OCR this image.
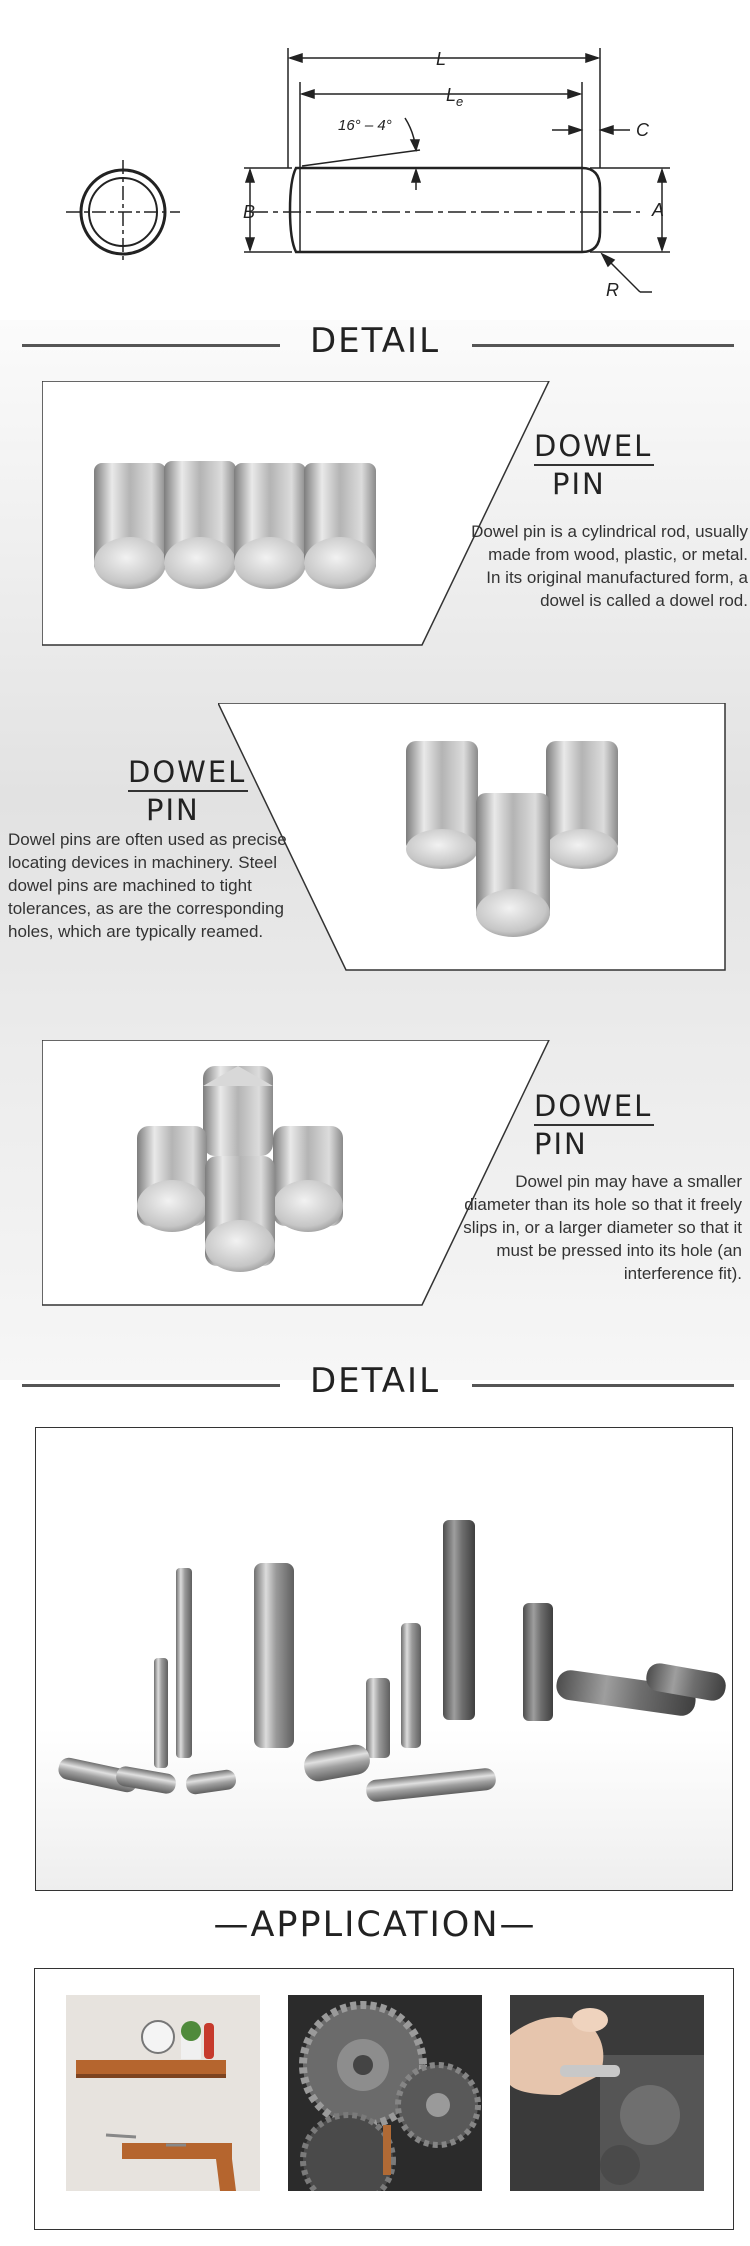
L
$L_e$
C
16° – 4°
B	A
R
DETAIL
DOWEL
PIN
Dowel pin is a cylindrical rod, usually made from wood, plastic, or metal. In its original manufactured form, a dowel is called a dowel rod.
DOWEL
PIN
Dowel pins are often used as precise locating devices in machinery. Steel dowel pins are machined to tight tolerances, as are the corresponding holes, which are typically reamed.
DOWEL
PIN
Dowel pin may have a smaller diameter than its hole so that it freely slips in, or a larger diameter so that it must be pressed into its hole (an interference fit).
DETAIL
—APPLICATION—
